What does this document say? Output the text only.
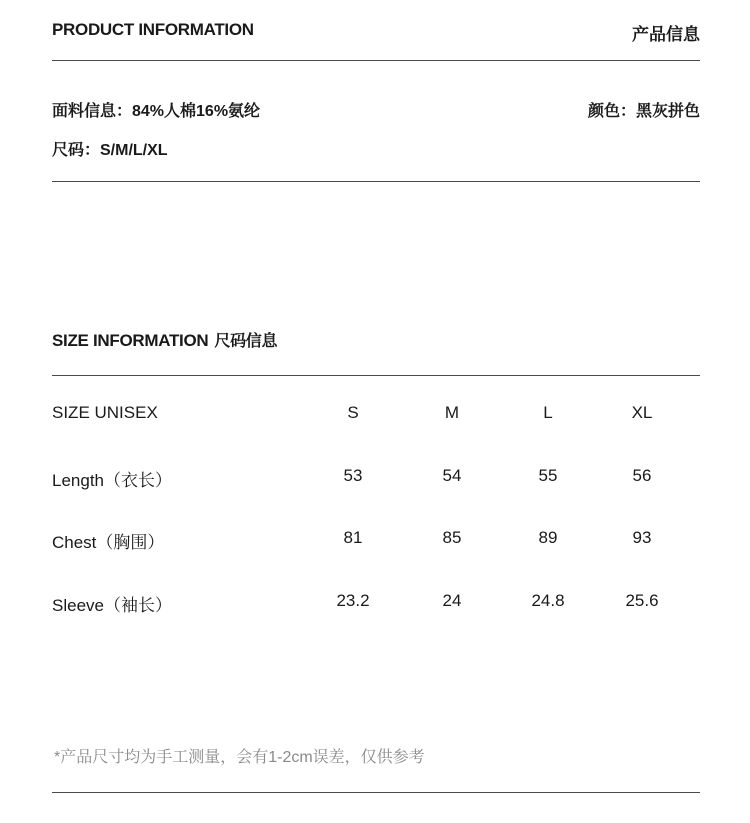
PRODUCT INFORMATION	产品信息
面料信息：84%人棉16%氨纶	颜色：黑灰拼色
尺码：S/M/L/XL
SIZE INFORMATION 尺码信息
SIZE UNISEX	S	M	L	XL
Length（衣长）	53	54	55	56
Chest（胸围）	81	85	89	93
Sleeve（袖长）	23.2	24	24.8	25.6
*产品尺寸均为手工测量，会有1-2cm误差，仅供参考
